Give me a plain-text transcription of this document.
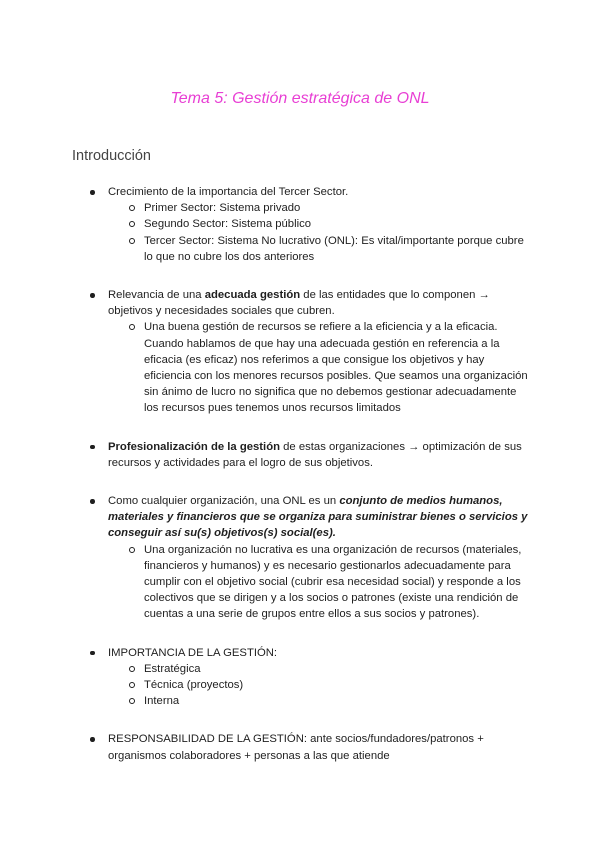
Tema 5: Gestión estratégica de ONL
Introducción
Crecimiento de la importancia del Tercer Sector.
Primer Sector: Sistema privado
Segundo Sector: Sistema público
Tercer Sector: Sistema No lucrativo (ONL): Es vital/importante porque cubre lo que no cubre los dos anteriores
Relevancia de una adecuada gestión de las entidades que lo componen → objetivos y necesidades sociales que cubren.
Una buena gestión de recursos se refiere a la eficiencia y a la eficacia. Cuando hablamos de que hay una adecuada gestión en referencia a la eficacia (es eficaz) nos referimos a que consigue los objetivos y hay eficiencia con los menores recursos posibles. Que seamos una organización sin ánimo de lucro no significa que no debemos gestionar adecuadamente los recursos pues tenemos unos recursos limitados
Profesionalización de la gestión de estas organizaciones → optimización de sus recursos y actividades para el logro de sus objetivos.
Como cualquier organización, una ONL es un conjunto de medios humanos, materiales y financieros que se organiza para suministrar bienes o servicios y conseguir así su(s) objetivos(s) social(es).
Una organización no lucrativa es una organización de recursos (materiales, financieros y humanos) y es necesario gestionarlos adecuadamente para cumplir con el objetivo social (cubrir esa necesidad social) y responde a los colectivos que se dirigen y a los socios o patrones (existe una rendición de cuentas a una serie de grupos entre ellos a sus socios y patrones).
IMPORTANCIA DE LA GESTIÓN:
Estratégica
Técnica (proyectos)
Interna
RESPONSABILIDAD DE LA GESTIÓN: ante socios/fundadores/patronos + organismos colaboradores + personas a las que atiende
